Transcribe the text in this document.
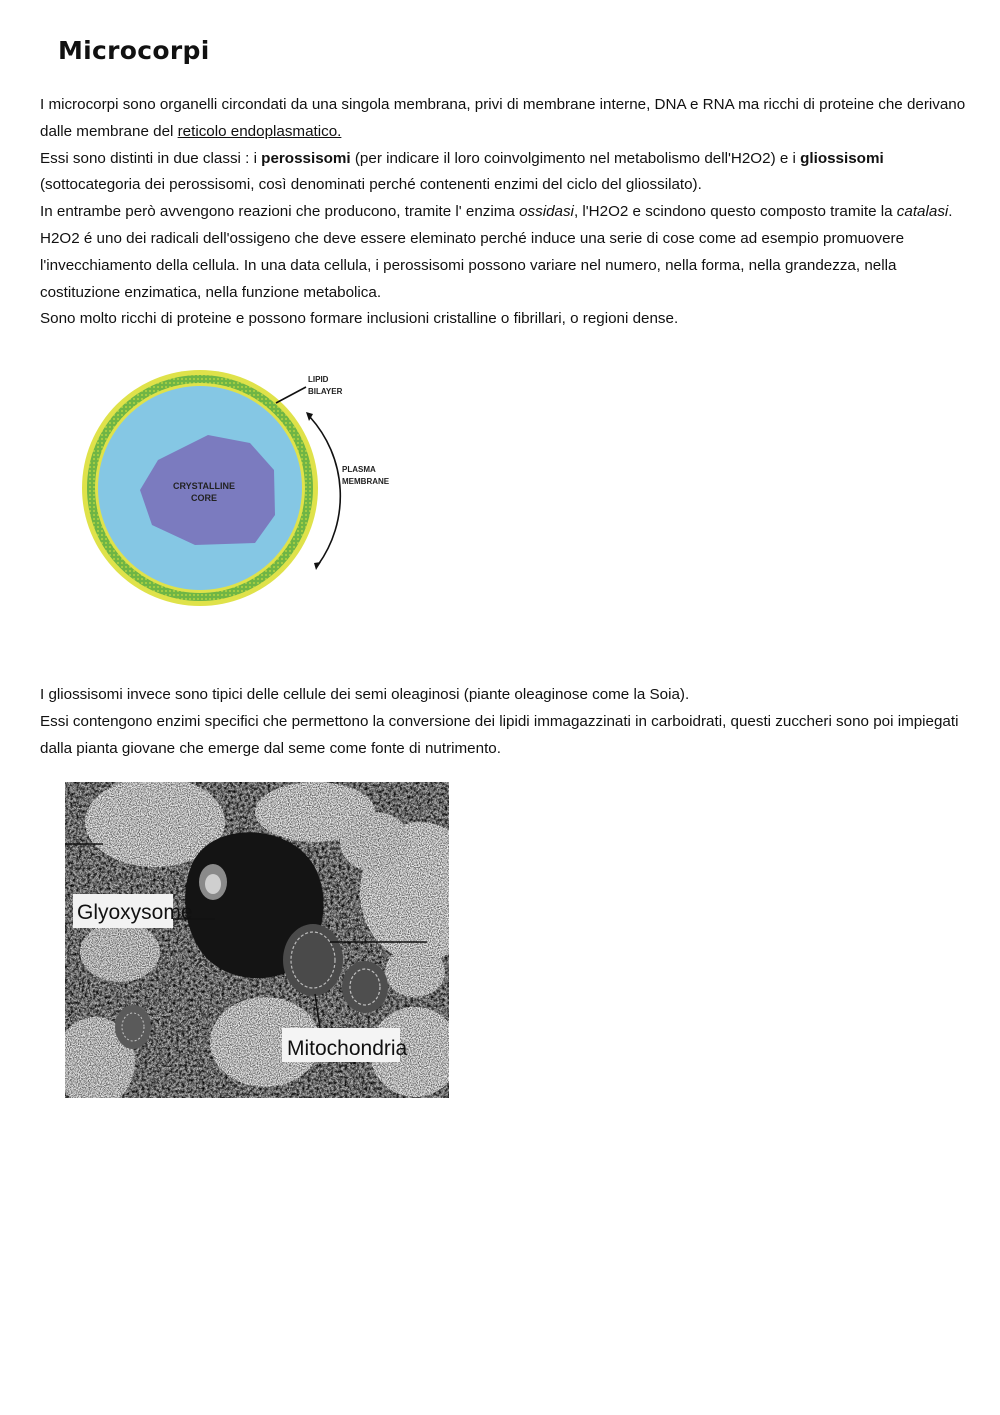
Microcorpi

I microcorpi sono organelli circondati da una singola membrana, privi di membrane interne, DNA e RNA ma ricchi di proteine che derivano dalle membrane del reticolo endoplasmatico.

Essi sono distinti in due classi : i perossisomi (per indicare il loro coinvolgimento nel metabolismo dell'H2O2) e i gliossisomi (sottocategoria dei perossisomi, così denominati perché contenenti enzimi del ciclo del gliossilato).

In entrambe però avvengono reazioni che producono, tramite l' enzima ossidasi, l'H2O2 e scindono questo composto tramite la catalasi.

H2O2 é uno dei radicali dell'ossigeno che deve essere eleminato perché induce una serie di cose come ad esempio promuovere l'invecchiamento della cellula. In una data cellula, i perossisomi possono variare nel numero, nella forma, nella grandezza, nella costituzione enzimatica, nella funzione metabolica.

Sono molto ricchi di proteine e possono formare inclusioni cristalline o fibrillari, o regioni dense.

CRYSTALLINE
CORE
LIPID
BILAYER
PLASMA
MEMBRANE

I gliossisomi invece sono tipici delle cellule dei semi oleaginosi (piante oleaginose come la Soia).

Essi contengono enzimi specifici che permettono la conversione dei lipidi immagazzinati in carboidrati, questi zuccheri sono poi impiegati dalla pianta giovane che emerge dal seme come fonte di nutrimento.

Glyoxysome
Mitochondria
